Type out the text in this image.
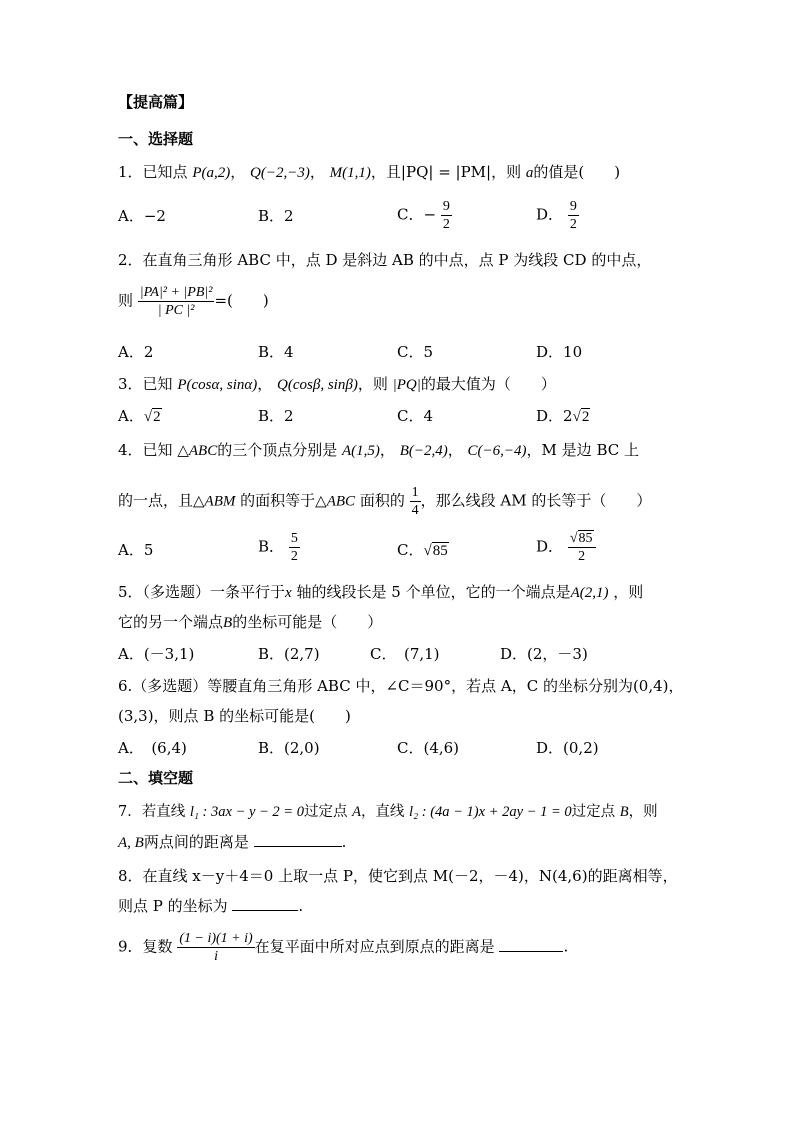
【提高篇】
一、选择题
1．已知点 P(a,2)， Q(−2,−3)， M(1,1)，且|PQ| = |PM|，则 a的值是(　　)
A．−2	B．2	C．− $\frac{9}{2}$	D． $\frac{9}{2}$
2．在直角三角形 ABC 中，点 D 是斜边 AB 的中点，点 P 为线段 CD 的中点，
则 $\frac{\text{|PA|² + |PB|²}}{\text{| PC |²}}$ =(　　)
A．2	B．4	C．5	D．10
3．已知 P(cosα, sinα)， Q(cosβ, sinβ)，则 |PQ|的最大值为（　　）
A．√2	B．2	C．4	D．2√2
4．已知 △ABC的三个顶点分别是 A(1,5)， B(−2,4)， C(−6,−4)，M 是边 BC 上
的一点，且△ABM 的面积等于△ABC 面积的 $\frac{1}{4}$ ，那么线段 AM 的长等于（　　）
A．5	B． $\frac{5}{2}$	C．√85	D． $\frac{√85}{2}$
5．（多选题）一条平行于x 轴的线段长是 5 个单位，它的一个端点是A(2,1) ，则
它的另一个端点B的坐标可能是（　　）
A．(－3,1)	B．(2,7)	C．　(7,1)	D．(2，－3)
6.（多选题）等腰直角三角形 ABC 中，∠C＝90°，若点 A，C 的坐标分别为(0,4)，
(3,3)，则点 B 的坐标可能是(　　)
A．　(6,4)	B．(2,0)	C．(4,6)	D．(0,2)
二、填空题
7．若直线 l₁ : 3ax − y − 2 = 0过定点 A，直线 l₂ : (4a − 1)x + 2ay − 1 = 0过定点 B，则
A, B两点间的距离是	.
8．在直线 x－y＋4＝0 上取一点 P，使它到点 M(－2，－4)，N(4,6)的距离相等，
则点 P 的坐标为	.
9．复数 $\frac{(1 - i)(1 + i)}{i}$ 在复平面中所对应点到原点的距离是	.
